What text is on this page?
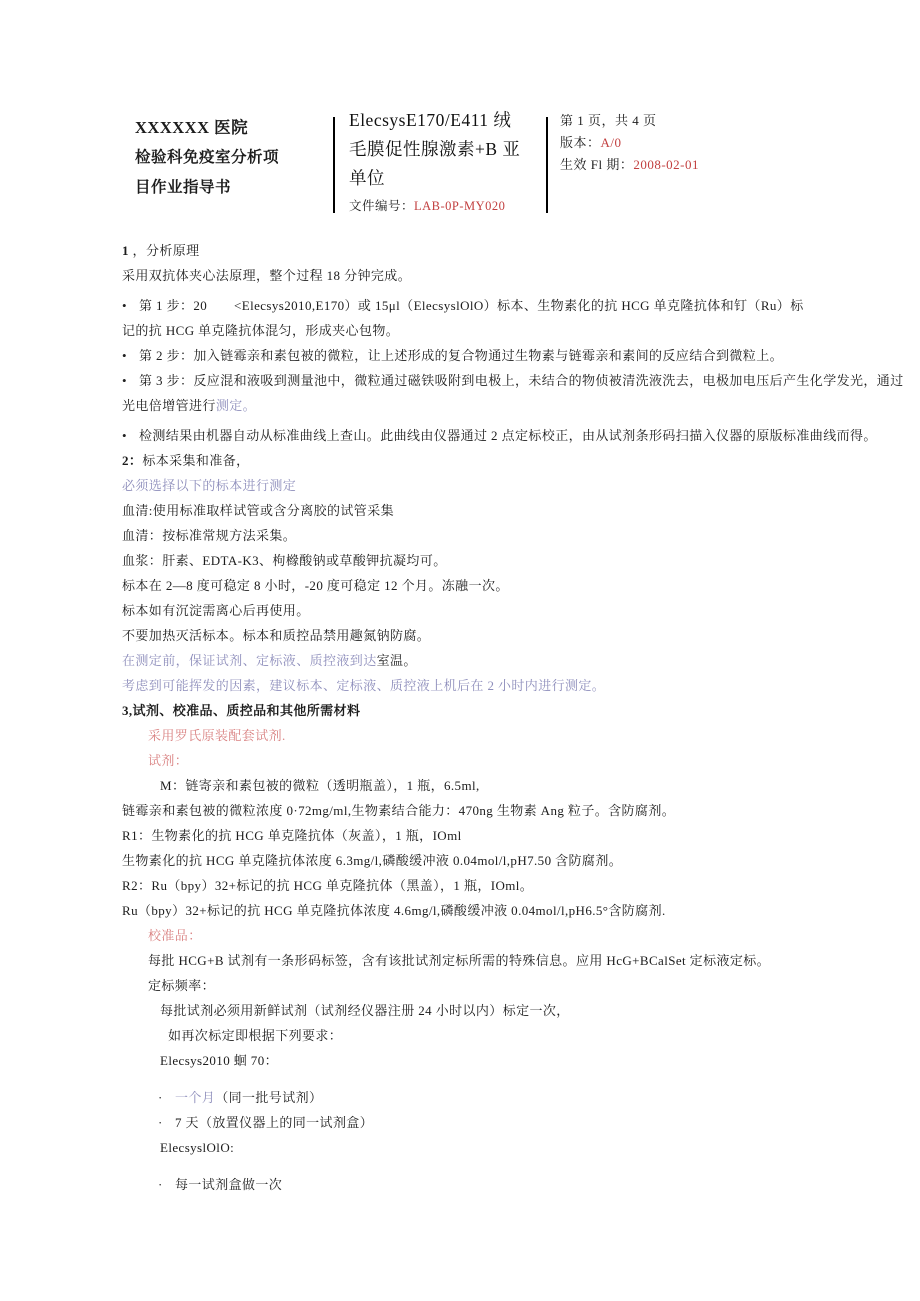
XXXXXX 医院
检验科免疫室分析项
目作业指导书
ElecsysE170/E411 绒
毛膜促性腺激素+B 亚
单位
文件编号：LAB-0P-MY020
第 1 页，共 4 页
版本：A/0
生效 Fl 期：2008-02-01
1 ，分析原理
采用双抗体夹心法原理，整个过程 18 分钟完成。
• 第 1 步：20　　<Elecsys2010,E170）或 15μl（ElecsyslOlO）标本、生物素化的抗 HCG 单克隆抗体和钉（Ru）标
记的抗 HCG 单克隆抗体混匀，形成夹心包物。
• 第 2 步：加入链霉亲和素包被的微粒，让上述形成的复合物通过生物素与链霉亲和素间的反应结合到微粒上。
• 第 3 步：反应混和液吸到测量池中，微粒通过磁铁吸附到电极上，未结合的物侦被清洗液洗去，电极加电压后产生化学发光，通过
光电倍增管进行测定。
• 检测结果由机器自动从标准曲线上查山。此曲线由仪器通过 2 点定标校正，由从试剂条形码扫描入仪器的原版标准曲线而得。
2：标本采集和准备，
必须选择以下的标本进行测定
血清:使用标准取样试管或含分离胶的试管采集
血清：按标准常规方法采集。
血浆：肝素、EDTA-K3、枸橼酸钠或草酸钾抗凝均可。
标本在 2—8 度可稳定 8 小时，-20 度可稳定 12 个月。冻融一次。
标本如有沉淀需离心后再使用。
不要加热灭活标本。标本和质控品禁用趣氮钠防腐。
在测定前，保证试剂、定标液、质控液到达室温。
考虑到可能挥发的因素，建议标本、定标液、质控液上机后在 2 小时内进行测定。
3,试剂、校准品、质控品和其他所需材料
采用罗氏原装配套试剂.
试剂：
M：链寄亲和素包被的微粒（透明瓶盖），1 瓶，6.5ml,
链霉亲和素包被的微粒浓度 0·72mg/ml,生物素结合能力：470ng 生物素 Ang 粒子。含防腐剂。
R1：生物素化的抗 HCG 单克隆抗体（灰盖），1 瓶，IOml
生物素化的抗 HCG 单克隆抗体浓度 6.3mg/l,磷酸缓冲液 0.04mol/l,pH7.50 含防腐剂。
R2：Ru（bpy）32+标记的抗 HCG 单克隆抗体（黑盖），1 瓶，IOml。
Ru（bpy）32+标记的抗 HCG 单克隆抗体浓度 4.6mg/l,磷酸缓冲液 0.04mol/l,pH6.5°含防腐剂.
校准品：
每批 HCG+B 试剂有一条形码标签，含有该批试剂定标所需的特殊信息。应用 HcG+BCalSet 定标液定标。
定标频率：
每批试剂必须用新鲜试剂（试剂经仪器注册 24 小时以内）标定一次，
如再次标定即根据下列要求：
Elecsys2010 蛔 70：
· 一个月（同一批号试剂）
· 7 天（放置仪器上的同一试剂盒）
ElecsyslOlO:
· 每一试剂盒做一次
